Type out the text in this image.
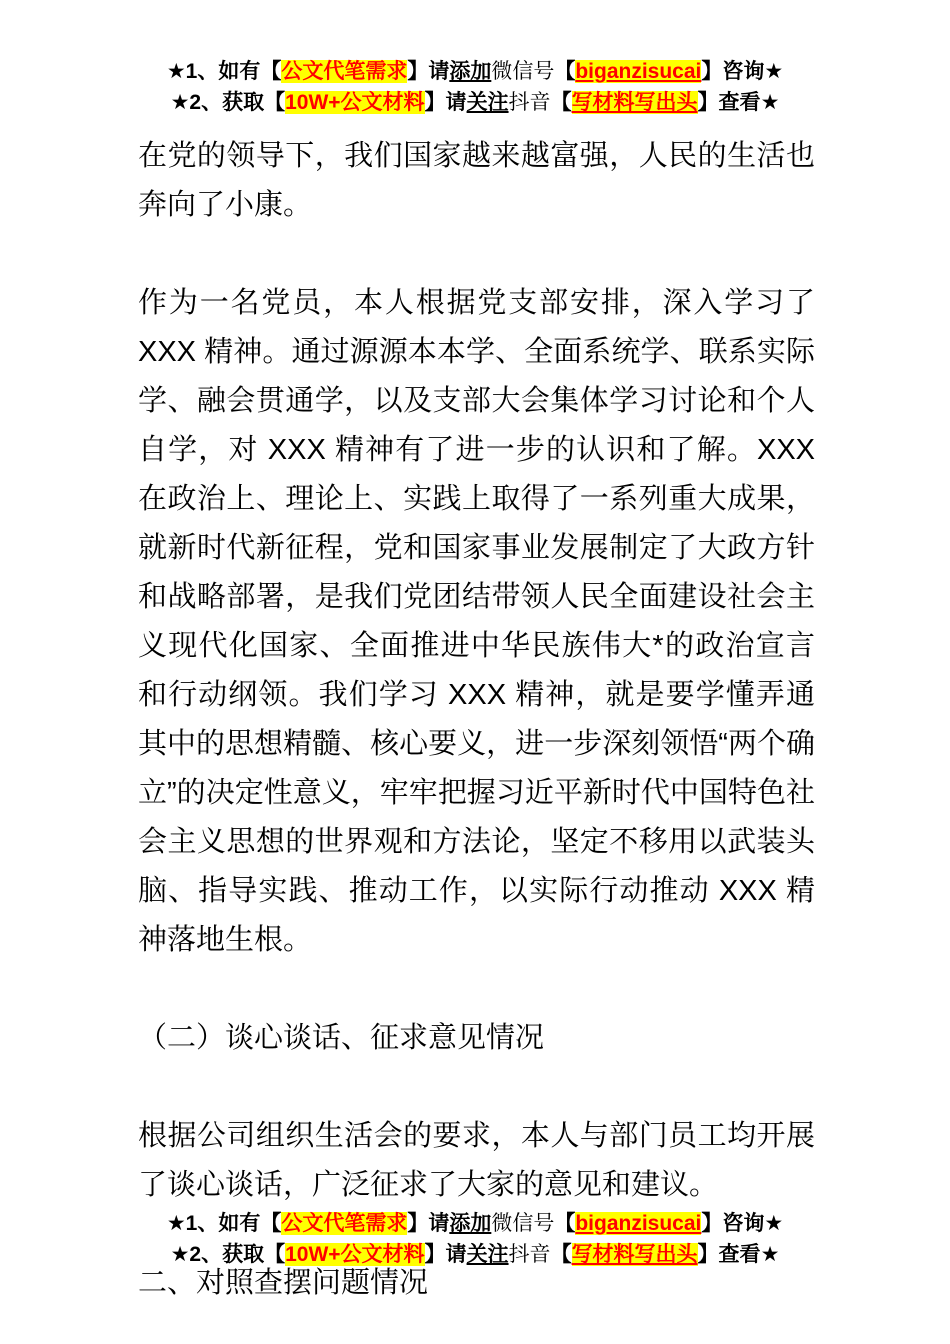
★1、如有【公文代笔需求】请添加微信号【biganzisucai】咨询★
★2、获取【10W+公文材料】请关注抖音【写材料写出头】查看★

在党的领导下，我们国家越来越富强，人民的生活也奔向了小康。

作为一名党员，本人根据党支部安排，深入学习了 XXX 精神。通过源源本本学、全面系统学、联系实际学、融会贯通学，以及支部大会集体学习讨论和个人自学，对 XXX 精神有了进一步的认识和了解。XXX 在政治上、理论上、实践上取得了一系列重大成果，就新时代新征程，党和国家事业发展制定了大政方针和战略部署，是我们党团结带领人民全面建设社会主义现代化国家、全面推进中华民族伟大*的政治宣言和行动纲领。我们学习 XXX 精神，就是要学懂弄通其中的思想精髓、核心要义，进一步深刻领悟“两个确立”的决定性意义，牢牢把握习近平新时代中国特色社会主义思想的世界观和方法论，坚定不移用以武装头脑、指导实践、推动工作，以实际行动推动 XXX 精神落地生根。

（二）谈心谈话、征求意见情况

根据公司组织生活会的要求，本人与部门员工均开展了谈心谈话，广泛征求了大家的意见和建议。

二、对照查摆问题情况

★1、如有【公文代笔需求】请添加微信号【biganzisucai】咨询★
★2、获取【10W+公文材料】请关注抖音【写材料写出头】查看★
